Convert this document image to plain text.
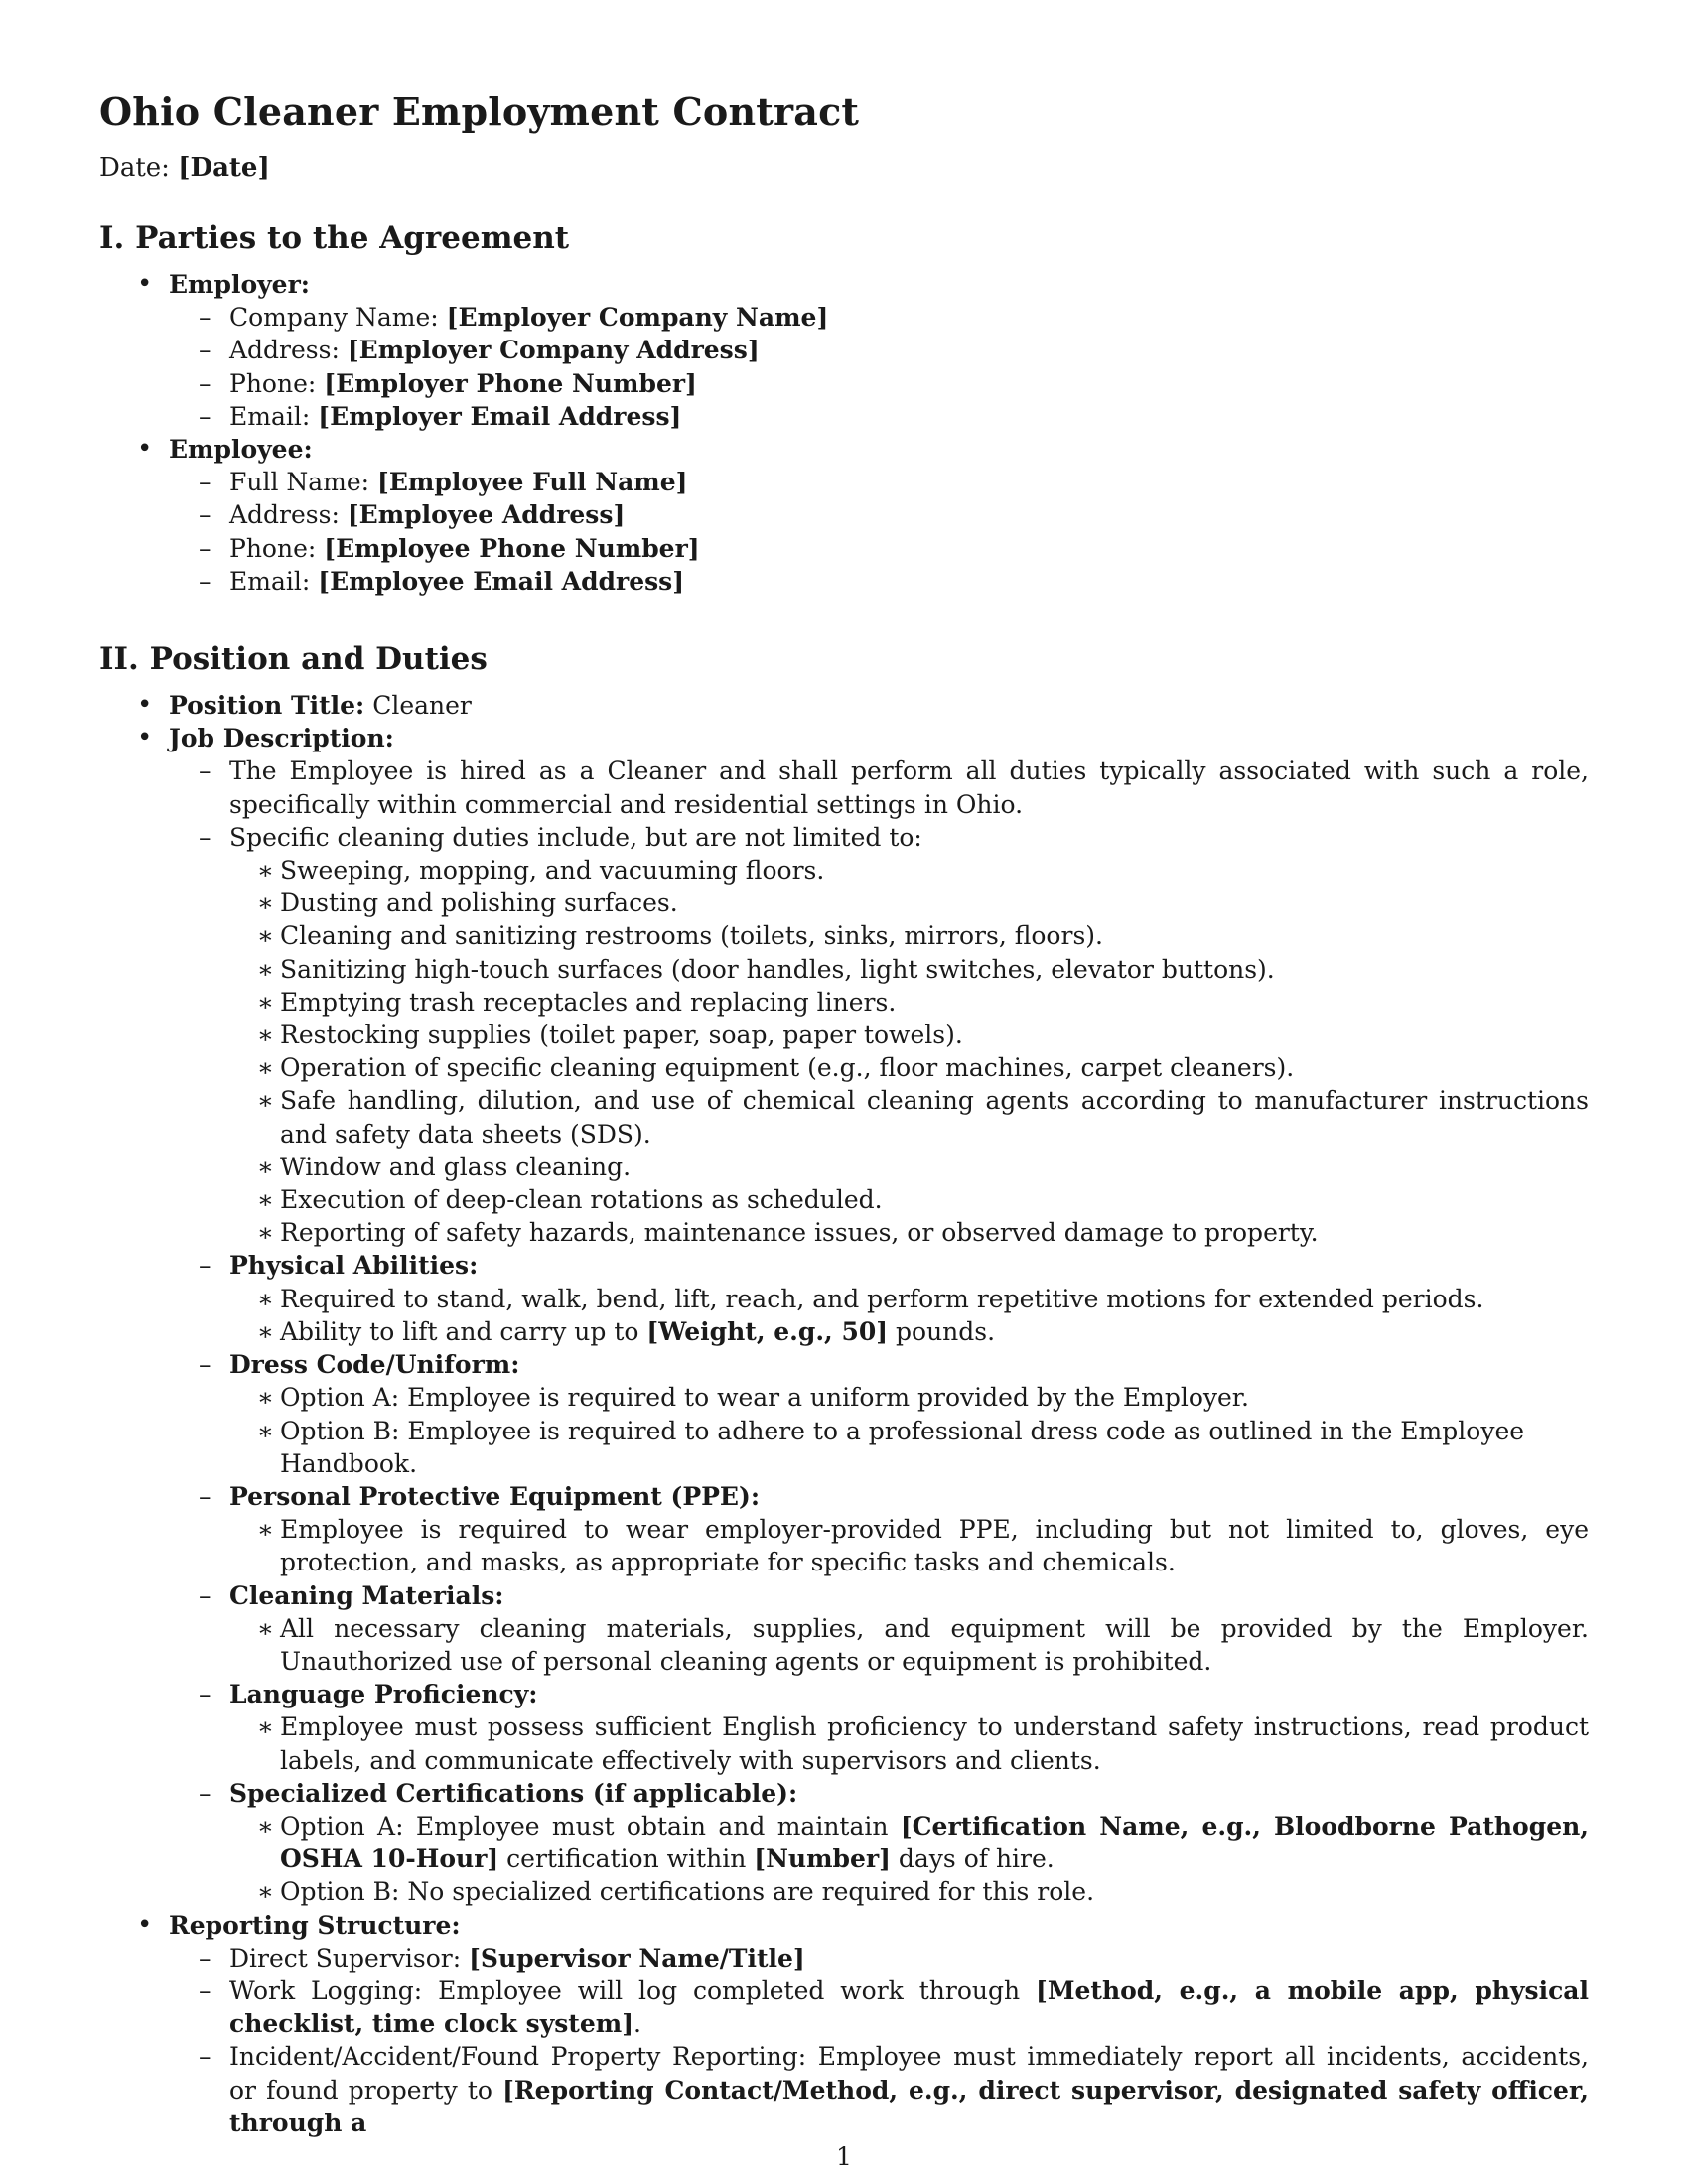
Ohio Cleaner Employment Contract
Date: [Date]
I. Parties to the Agreement
• Employer:
– Company Name: [Employer Company Name]
– Address: [Employer Company Address]
– Phone: [Employer Phone Number]
– Email: [Employer Email Address]
• Employee:
– Full Name: [Employee Full Name]
– Address: [Employee Address]
– Phone: [Employee Phone Number]
– Email: [Employee Email Address]
II. Position and Duties
• Position Title: Cleaner
• Job Description:
– The Employee is hired as a Cleaner and shall perform all duties typically associated with such a role, specifically within commercial and residential settings in Ohio.
– Specific cleaning duties include, but are not limited to:
∗ Sweeping, mopping, and vacuuming floors.
∗ Dusting and polishing surfaces.
∗ Cleaning and sanitizing restrooms (toilets, sinks, mirrors, floors).
∗ Sanitizing high-touch surfaces (door handles, light switches, elevator buttons).
∗ Emptying trash receptacles and replacing liners.
∗ Restocking supplies (toilet paper, soap, paper towels).
∗ Operation of specific cleaning equipment (e.g., floor machines, carpet cleaners).
∗ Safe handling, dilution, and use of chemical cleaning agents according to manufacturer instructions and safety data sheets (SDS).
∗ Window and glass cleaning.
∗ Execution of deep-clean rotations as scheduled.
∗ Reporting of safety hazards, maintenance issues, or observed damage to property.
– Physical Abilities:
∗ Required to stand, walk, bend, lift, reach, and perform repetitive motions for extended periods.
∗ Ability to lift and carry up to [Weight, e.g., 50] pounds.
– Dress Code/Uniform:
∗ Option A: Employee is required to wear a uniform provided by the Employer.
∗ Option B: Employee is required to adhere to a professional dress code as outlined in the Employee Handbook.
– Personal Protective Equipment (PPE):
∗ Employee is required to wear employer-provided PPE, including but not limited to, gloves, eye protection, and masks, as appropriate for specific tasks and chemicals.
– Cleaning Materials:
∗ All necessary cleaning materials, supplies, and equipment will be provided by the Employer. Unauthorized use of personal cleaning agents or equipment is prohibited.
– Language Proficiency:
∗ Employee must possess sufficient English proficiency to understand safety instructions, read product labels, and communicate effectively with supervisors and clients.
– Specialized Certifications (if applicable):
∗ Option A: Employee must obtain and maintain [Certification Name, e.g., Bloodborne Pathogen, OSHA 10-Hour] certification within [Number] days of hire.
∗ Option B: No specialized certifications are required for this role.
• Reporting Structure:
– Direct Supervisor: [Supervisor Name/Title]
– Work Logging: Employee will log completed work through [Method, e.g., a mobile app, physical checklist, time clock system].
– Incident/Accident/Found Property Reporting: Employee must immediately report all incidents, accidents, or found property to [Reporting Contact/Method, e.g., direct supervisor, designated safety officer, through a
1
